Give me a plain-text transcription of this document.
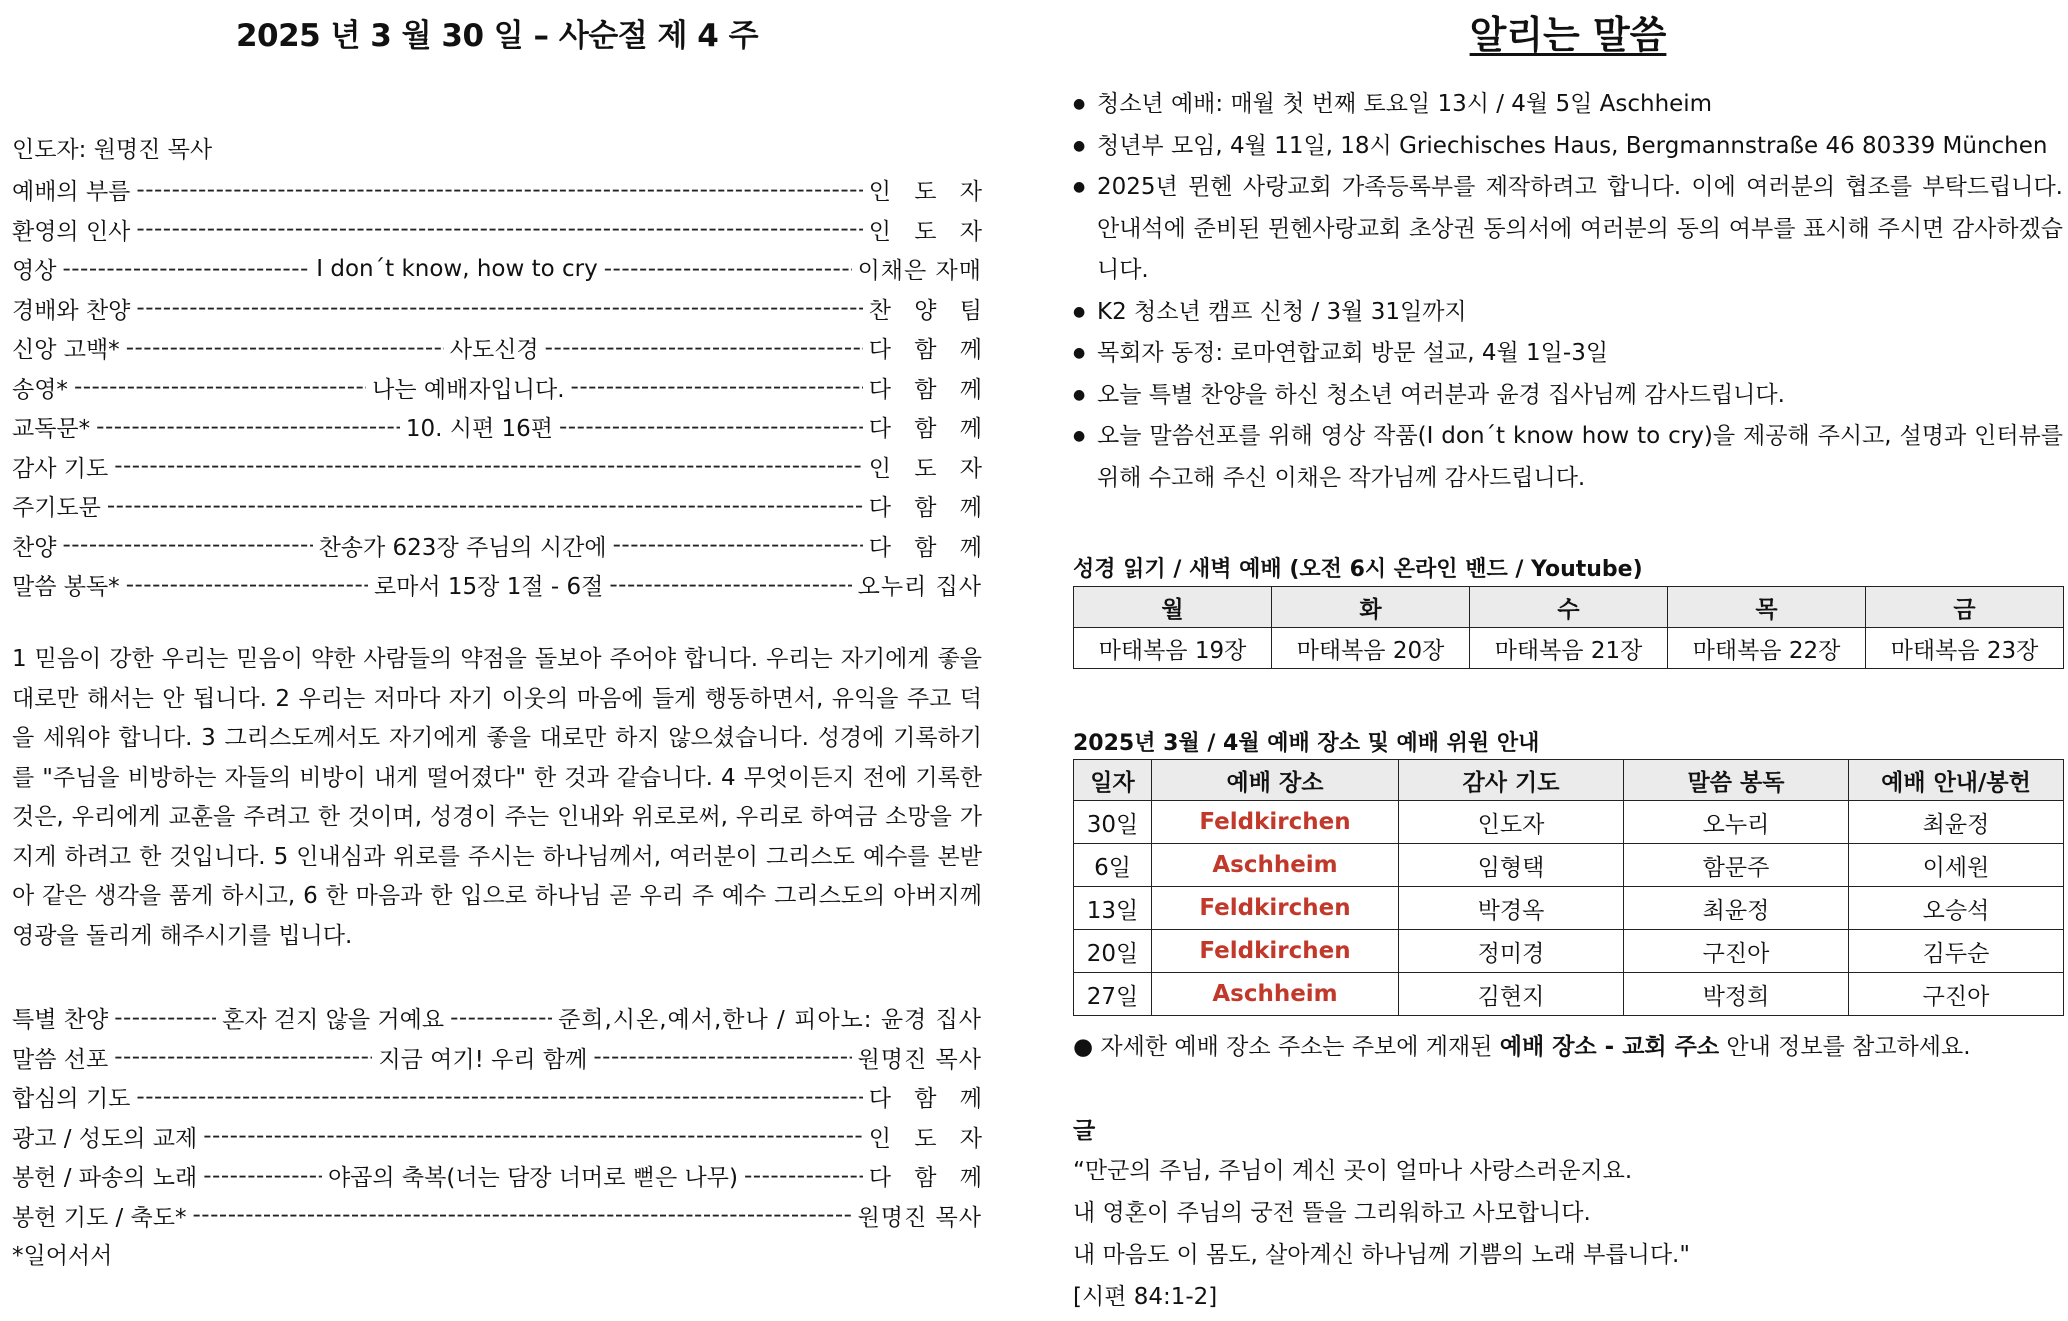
2025 년 3 월 30 일 – 사순절 제 4 주
인도자: 원명진 목사
예배의 부름 -----	인 도 자
환영의 인사 -----	인 도 자
영상 -----	I don´t know, how to cry -----	이채은 자매
경배와 찬양 -----	찬 양 팀
신앙 고백* -----	사도신경 -----	다 함 께
송영* -----	나는 예배자입니다. -----	다 함 께
교독문* -----	10. 시편 16편 -----	다 함 께
감사 기도 -----	인 도 자
주기도문 -----	다 함 께
찬양 -----	찬송가 623장 주님의 시간에 -----	다 함 께
말씀 봉독* -----	로마서 15장 1절 - 6절 -----	오누리 집사
1 믿음이 강한 우리는 믿음이 약한 사람들의 약점을 돌보아 주어야 합니다. 우리는 자기에게 좋을 대로만 해서는 안 됩니다. 2 우리는 저마다 자기 이웃의 마음에 들게 행동하면서, 유익을 주고 덕을 세워야 합니다. 3 그리스도께서도 자기에게 좋을 대로만 하지 않으셨습니다. 성경에 기록하기를 "주님을 비방하는 자들의 비방이 내게 떨어졌다" 한 것과 같습니다. 4 무엇이든지 전에 기록한 것은, 우리에게 교훈을 주려고 한 것이며, 성경이 주는 인내와 위로로써, 우리로 하여금 소망을 가지게 하려고 한 것입니다. 5 인내심과 위로를 주시는 하나님께서, 여러분이 그리스도 예수를 본받아 같은 생각을 품게 하시고, 6 한 마음과 한 입으로 하나님 곧 우리 주 예수 그리스도의 아버지께 영광을 돌리게 해주시기를 빕니다.
특별 찬양 -----	혼자 걷지 않을 거예요 -----	준희,시온,예서,한나 / 피아노: 윤경 집사
말씀 선포 -----	지금 여기! 우리 함께 -----	원명진 목사
합심의 기도 -----	다 함 께
광고 / 성도의 교제 -----	인 도 자
봉헌 / 파송의 노래 -----	야곱의 축복(너는 담장 너머로 뻗은 나무) -----	다 함 께
봉헌 기도 / 축도* -----	원명진 목사
*일어서서
알리는 말씀
● 청소년 예배: 매월 첫 번째 토요일 13시 / 4월 5일 Aschheim
● 청년부 모임, 4월 11일, 18시 Griechisches Haus, Bergmannstraße 46 80339 München
● 2025년 뮌헨 사랑교회 가족등록부를 제작하려고 합니다. 이에 여러분의 협조를 부탁드립니다. 안내석에 준비된 뮌헨사랑교회 초상권 동의서에 여러분의 동의 여부를 표시해 주시면 감사하겠습니다.
● K2 청소년 캠프 신청 / 3월 31일까지
● 목회자 동정: 로마연합교회 방문 설교, 4월 1일-3일
● 오늘 특별 찬양을 하신 청소년 여러분과 윤경 집사님께 감사드립니다.
● 오늘 말씀선포를 위해 영상 작품(I don´t know how to cry)을 제공해 주시고, 설명과 인터뷰를 위해 수고해 주신 이채은 작가님께 감사드립니다.
성경 읽기 / 새벽 예배 (오전 6시 온라인 밴드 / Youtube)
월	화	수	목	금
마태복음 19장	마태복음 20장	마태복음 21장	마태복음 22장	마태복음 23장
2025년 3월 / 4월 예배 장소 및 예배 위원 안내
일자	예배 장소	감사 기도	말씀 봉독	예배 안내/봉헌
30일	Feldkirchen	인도자	오누리	최윤정
6일	Aschheim	임형택	함문주	이세원
13일	Feldkirchen	박경옥	최윤정	오승석
20일	Feldkirchen	정미경	구진아	김두순
27일	Aschheim	김현지	박정희	구진아
● 자세한 예배 장소 주소는 주보에 게재된 예배 장소 - 교회 주소 안내 정보를 참고하세요.
글
“만군의 주님, 주님이 계신 곳이 얼마나 사랑스러운지요.
내 영혼이 주님의 궁전 뜰을 그리워하고 사모합니다.
내 마음도 이 몸도, 살아계신 하나님께 기쁨의 노래 부릅니다."
[시편 84:1-2]
